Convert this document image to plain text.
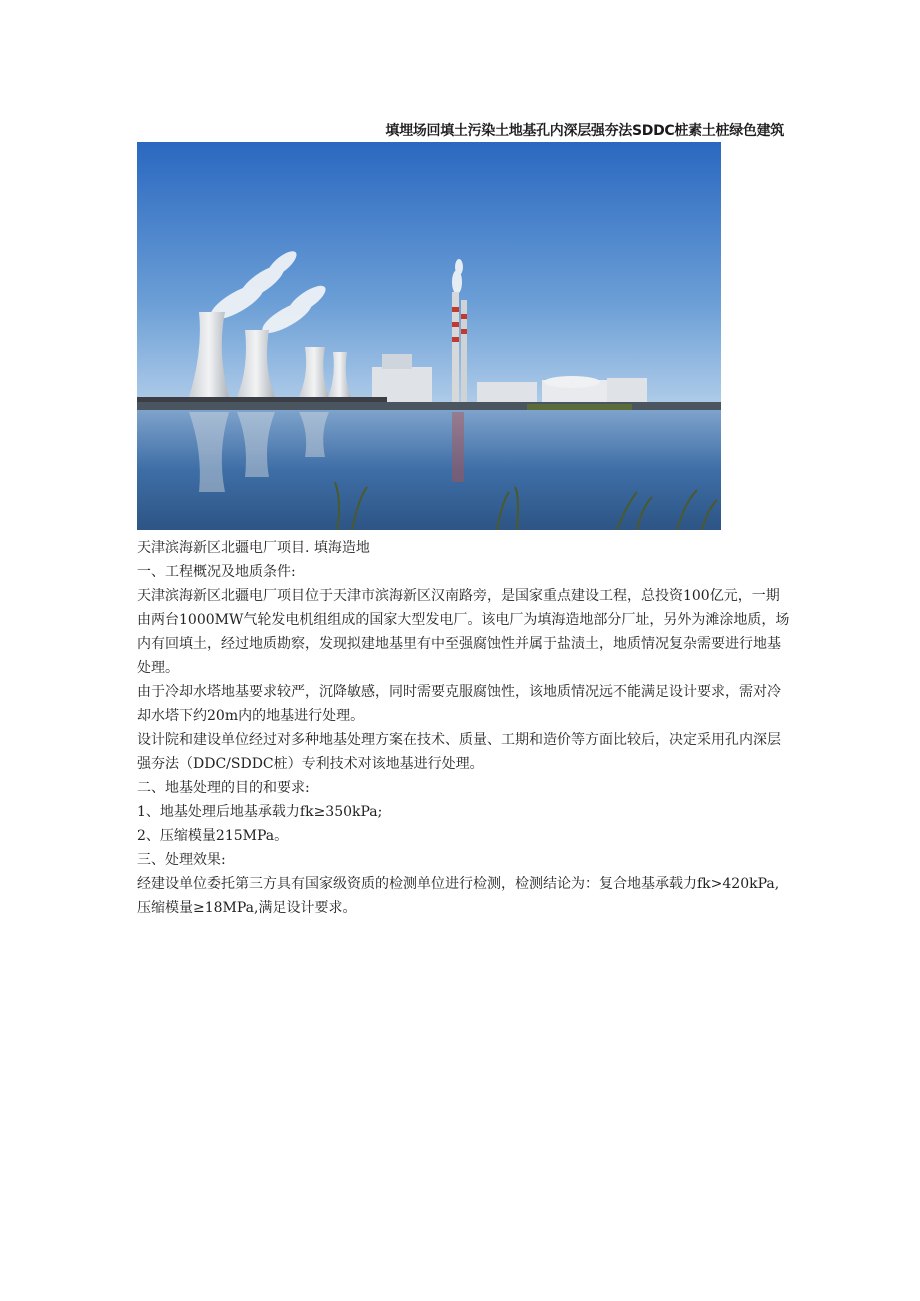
填埋场回填土污染土地基孔内深层强夯法SDDC桩素土桩绿色建筑

天津滨海新区北疆电厂项目. 填海造地

一、工程概况及地质条件:

天津滨海新区北疆电厂项目位于天津市滨海新区汉南路旁，是国家重点建设工程，总投资100亿元，一期由两台1000MW气轮发电机组组成的国家大型发电厂。该电厂为填海造地部分厂址，另外为滩涂地质，场内有回填土，经过地质勘察，发现拟建地基里有中至强腐蚀性并属于盐渍土，地质情况复杂需要进行地基处理。

由于冷却水塔地基要求较严，沉降敏感，同时需要克服腐蚀性，该地质情况远不能满足设计要求，需对冷却水塔下约20m内的地基进行处理。

设计院和建设单位经过对多种地基处理方案在技术、质量、工期和造价等方面比较后，决定采用孔内深层强夯法（DDC/SDDC桩）专利技术对该地基进行处理。

二、地基处理的目的和要求:

1、地基处理后地基承载力fk≥350kPa;

2、压缩模量215MPa。

三、处理效果:

经建设单位委托第三方具有国家级资质的检测单位进行检测，检测结论为：复合地基承载力fk>420kPa,压缩模量≥18MPa,满足设计要求。
